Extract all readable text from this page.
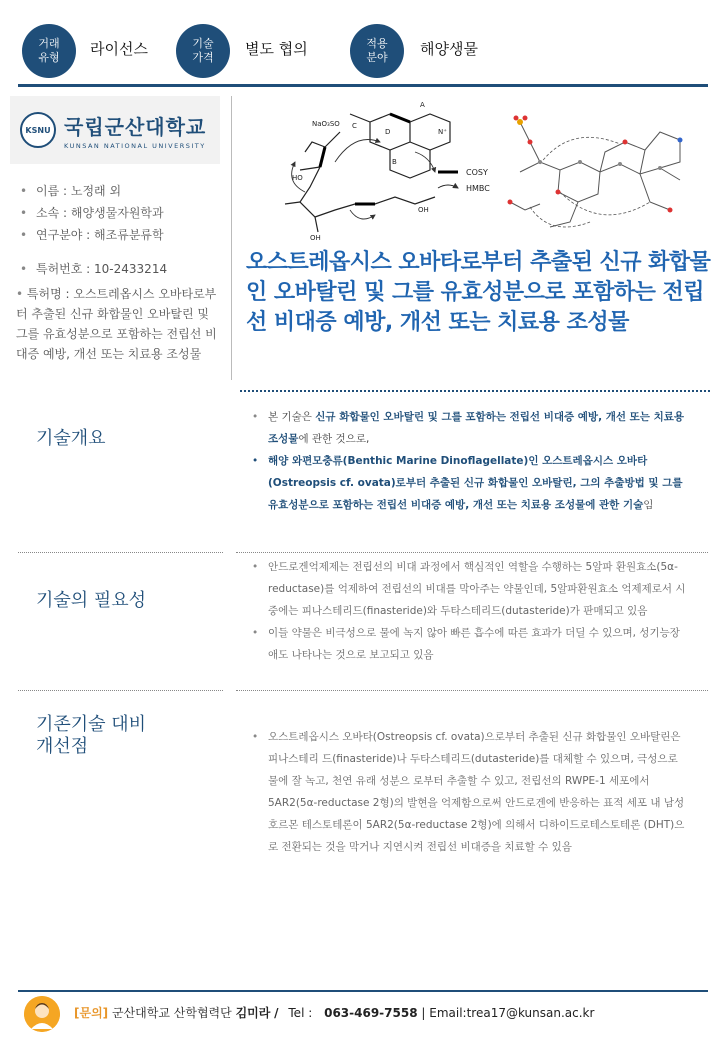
거래
유형	라이선스	기술
가격	별도 협의	적용
분야	해양생물
KSNU 국립군산대학교
KUNSAN NATIONAL UNIVERSITY
• 이름 : 노정래 외
• 소속 : 해양생물자원학과
• 연구분야 : 해조류분류학
• 특허번호 : 10-2433214
• 특허명 : 오스트레옵시스 오바타로부터 추출된 신규 화합물인 오바탈린 및 그를 유효성분으로 포함하는 전립선 비대증 예방, 개선 또는 치료용 조성물
NaO₃SO
HO
OH
OH
A
B
C
D	N⁺
COSY
HMBC
오스트레옵시스 오바타로부터 추출된 신규 화합물인 오바탈린 및 그를 유효성분으로 포함하는 전립선 비대증 예방, 개선 또는 치료용 조성물
기술개요
• 본 기술은 신규 화합물인 오바탈린 및 그를 포함하는 전립선 비대증 예방, 개선 또는 치료용 조성물에 관한 것으로,
• 해양 와편모충류(Benthic Marine Dinoflagellate)인 오스트레옵시스 오바타(Ostreopsis cf. ovata)로부터 추출된 신규 화합물인 오바탈린, 그의 추출방법 및 그를 유효성분으로 포함하는 전립선 비대증 예방, 개선 또는 치료용 조성물에 관한 기술임
기술의 필요성
• 안드로겐억제제는 전립선의 비대 과정에서 핵심적인 역할을 수행하는 5알파 환원효소(5α-reductase)를 억제하여 전립선의 비대를 막아주는 약물인데, 5알파환원효소 억제제로서 시중에는 피나스테리드(finasteride)와 두타스테리드(dutasteride)가 판매되고 있음
• 이들 약물은 비극성으로 물에 녹지 않아 빠른 흡수에 따른 효과가 더딜 수 있으며, 성기능장애도 나타나는 것으로 보고되고 있음
기존기술 대비
개선점
•	오스트레옵시스 오바타(Ostreopsis cf. ovata)으로부터 추출된 신규 화합물인 오바탈린은 피나스테리 드(finasteride)나 두타스테리드(dutasteride)를 대체할 수 있으며, 극성으로 물에 잘 녹고, 천연 유래 성분으 로부터 추출할 수 있고, 전립선의 RWPE-1 세포에서 5AR2(5α-reductase 2형)의 발현을 억제함으로써 안드로겐에 반응하는 표적 세포 내 남성호르몬 테스토테론이 5AR2(5α-reductase 2형)에 의해서 디하이드로테스토테론 (DHT)으로 전환되는 것을 막거나 지연시켜 전립선 비대증을 치료할 수 있음
[문의] 군산대학교 산학협력단 김미라 / Tel : 063-469-7558 | Email:trea17@kunsan.ac.kr
